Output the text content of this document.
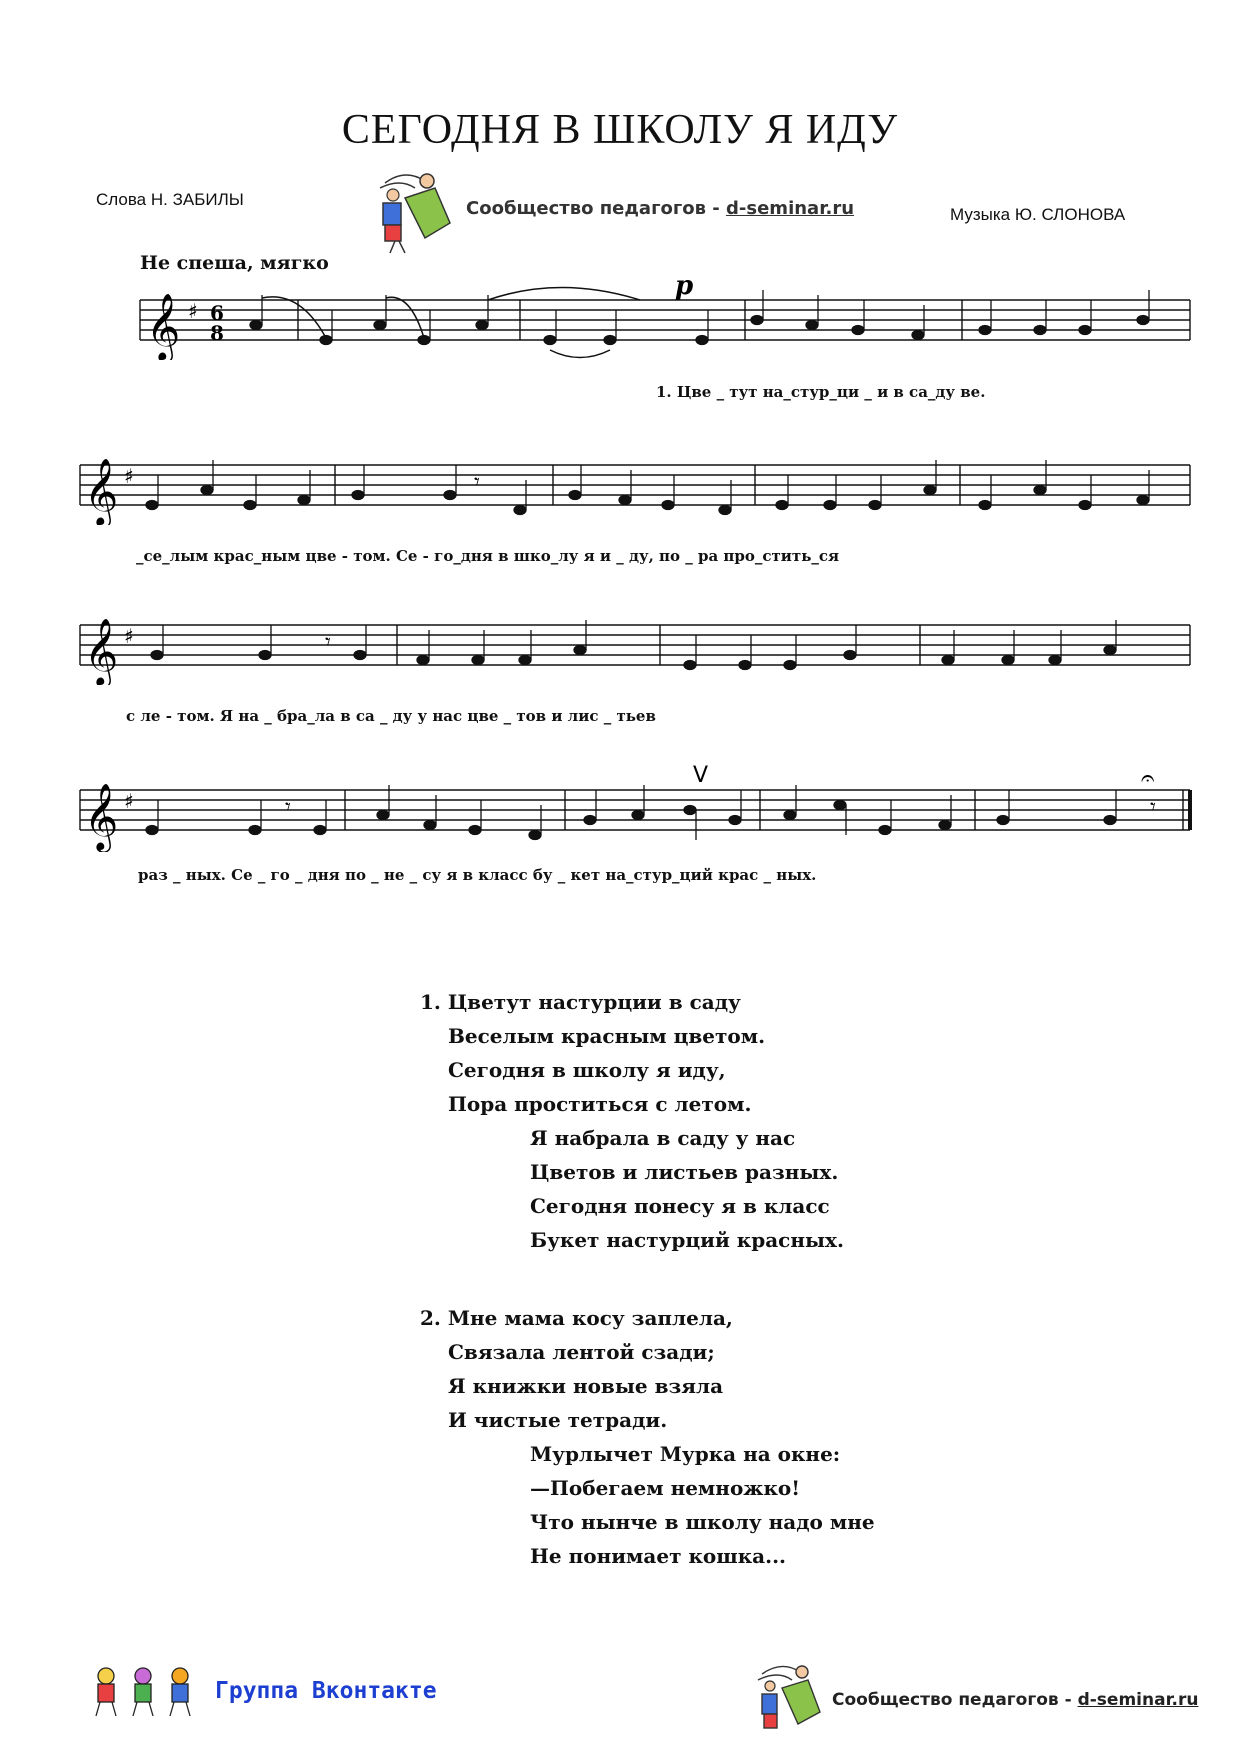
СЕГОДНЯ В ШКОЛУ Я ИДУ
Слова Н. ЗАБИЛЫ	Сообщество педагогов - d-seminar.ru	Музыка Ю. СЛОНОВА
Не спеша, мягко
𝄞 ♯ 6
8
p
1. Цве _ тут на_стур_ци _ и в са_ду ве.
𝄞 ♯	𝄾
_се_лым крас_ным цве - том. Се - го_дня в шко_лу я и _ ду, по _ ра про_стить_ся
𝄞 ♯	𝄾
с ле - том. Я на _ бра_ла в са _ ду у нас цве _ тов и лис _ тьев
𝄞 ♯
V	𝄐
𝄾	𝄾
раз _ ных. Се _ го _ дня по _ не _ су я в класс бу _ кет на_стур_ций крас _ ных.
1. Цветут настурции в саду
Веселым красным цветом.
Сегодня в школу я иду,
Пора проститься с летом.
Я набрала в саду у нас
Цветов и листьев разных.
Сегодня понесу я в класс
Букет настурций красных.
2. Мне мама косу заплела,
Связала лентой сзади;
Я книжки новые взяла
И чистые тетради.
Мурлычет Мурка на окне:
—Побегаем немножко!
Что нынче в школу надо мне
Не понимает кошка...
Группа Вконтакте	Сообщество педагогов - d-seminar.ru
